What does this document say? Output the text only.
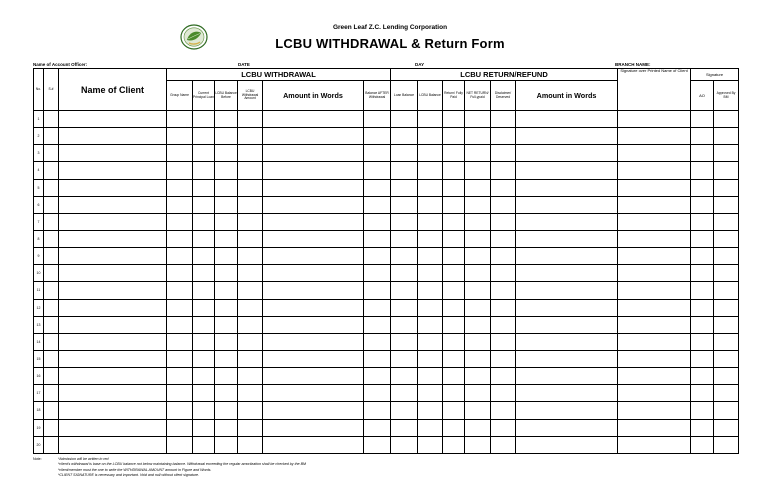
Green Leaf Z.C. Lending Corporation
LCBU WITHDRAWAL & Return Form
Name of Account Officer:	DATE	DAY	BRANCH NAME:
No.	S.#	Name of Client	LCBU WITHDRAWAL						LCBU RETURN/REFUND						Signature over Printed Name of Client	Signature	
			Group Name	Current Principal Loan	LCBU Balance Before	LCBU Withdrawal Amount	Amount in Words	Balance AFTER Withdrawal	Loan Balance	LCBU Balance	Return/ Fully Paid	NET RETURN/ Full-ypaid	Disclaimer/ Deserved	Amount in Words		AO	Approved By BM
1																	
2																	
3																	
4																	
5																	
6																	
7																	
8																	
9																	
10																	
11																	
12																	
13																	
14																	
15																	
16																	
17																	
18																	
19																	
20																	
Note:	*Admission will be written in red
*client's withdrawal is base on the LCBU balance not below maintaining balance. Withdrawal exceeding the regular amortization shall be checked by the BM
*client/member must the one to write the WITHDRAWAL AMOUNT amount in Figure and Words.
*CLIENT SIGNATURE is necessary and important. Void and null without client signature.
